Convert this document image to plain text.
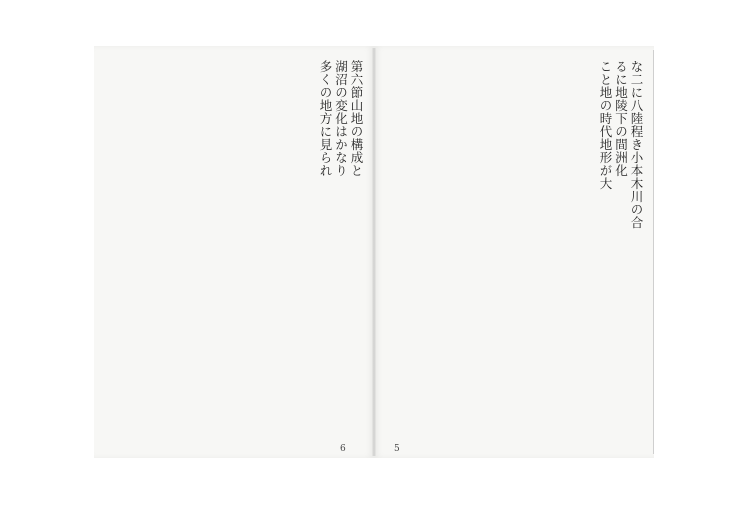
第六節山地の構成と
湖沼の変化はかなり
多くの地方に見られ
6
な二に八陸程き小本木川の合
るに地陵下の間洲化
こと地の時代地形が大
5
